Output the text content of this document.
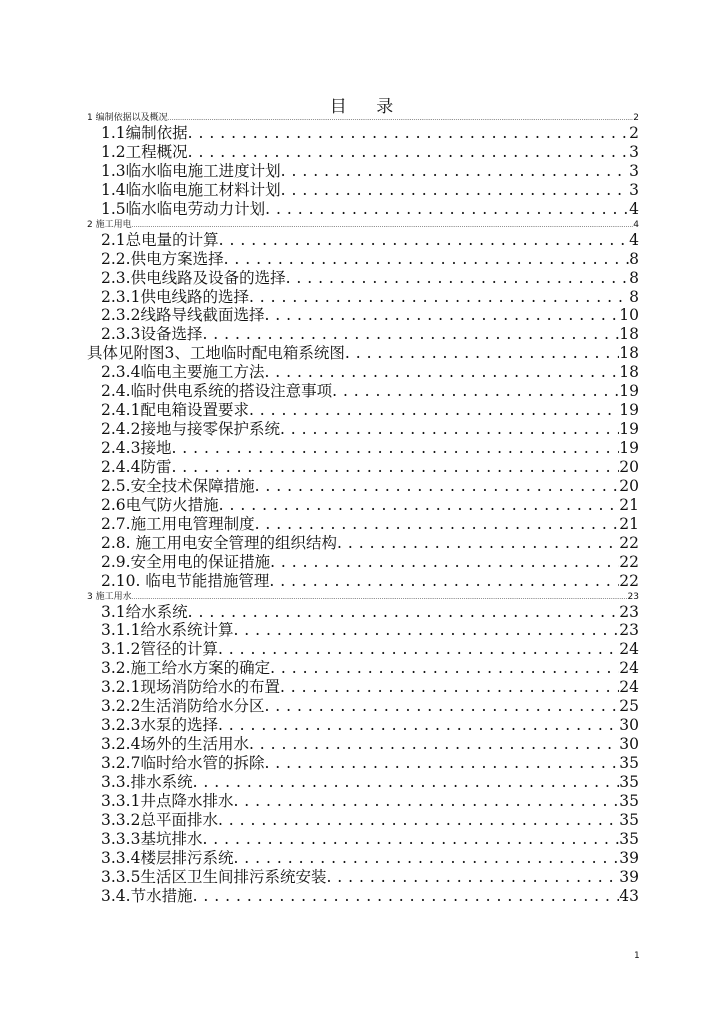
目 录
1 编制依据以及概况 .....	2
1.1编制依据 . . .	2
1.2工程概况 . . .	3
1.3临水临电施工进度计划 . . .	3
1.4临水临电施工材料计划 . . .	3
1.5临水临电劳动力计划 . . .	4
2 施工用电 .....	4
2.1总电量的计算 . . .	4
2.2.供电方案选择 . . .	8
2.3.供电线路及设备的选择 . . .	8
2.3.1供电线路的选择 . . .	8
2.3.2线路导线截面选择 . . .	10
2.3.3设备选择 . . .	18
具体见附图3、工地临时配电箱系统图 . . .	18
2.3.4临电主要施工方法 . . .	18
2.4.临时供电系统的搭设注意事项 . . .	19
2.4.1配电箱设置要求 . . .	19
2.4.2接地与接零保护系统 . . .	19
2.4.3接地 . . .	19
2.4.4防雷 . . .	20
2.5.安全技术保障措施 . . .	20
2.6电气防火措施 . . .	21
2.7.施工用电管理制度 . . .	21
2.8. 施工用电安全管理的组织结构 . . .	22
2.9.安全用电的保证措施 . . .	22
2.10. 临电节能措施管理 . . .	22
3 施工用水 .....	23
3.1给水系统 . . .	23
3.1.1给水系统计算 . . .	23
3.1.2管径的计算 . . .	24
3.2.施工给水方案的确定 . . .	24
3.2.1现场消防给水的布置 . . .	24
3.2.2生活消防给水分区 . . .	25
3.2.3水泵的选择 . . .	30
3.2.4场外的生活用水 . . .	30
3.2.7临时给水管的拆除 . . .	35
3.3.排水系统 . . .	35
3.3.1井点降水排水 . . .	35
3.3.2总平面排水 . . .	35
3.3.3基坑排水 . . .	35
3.3.4楼层排污系统 . . .	39
3.3.5生活区卫生间排污系统安装 . . .	39
3.4.节水措施 . . .	43
1
